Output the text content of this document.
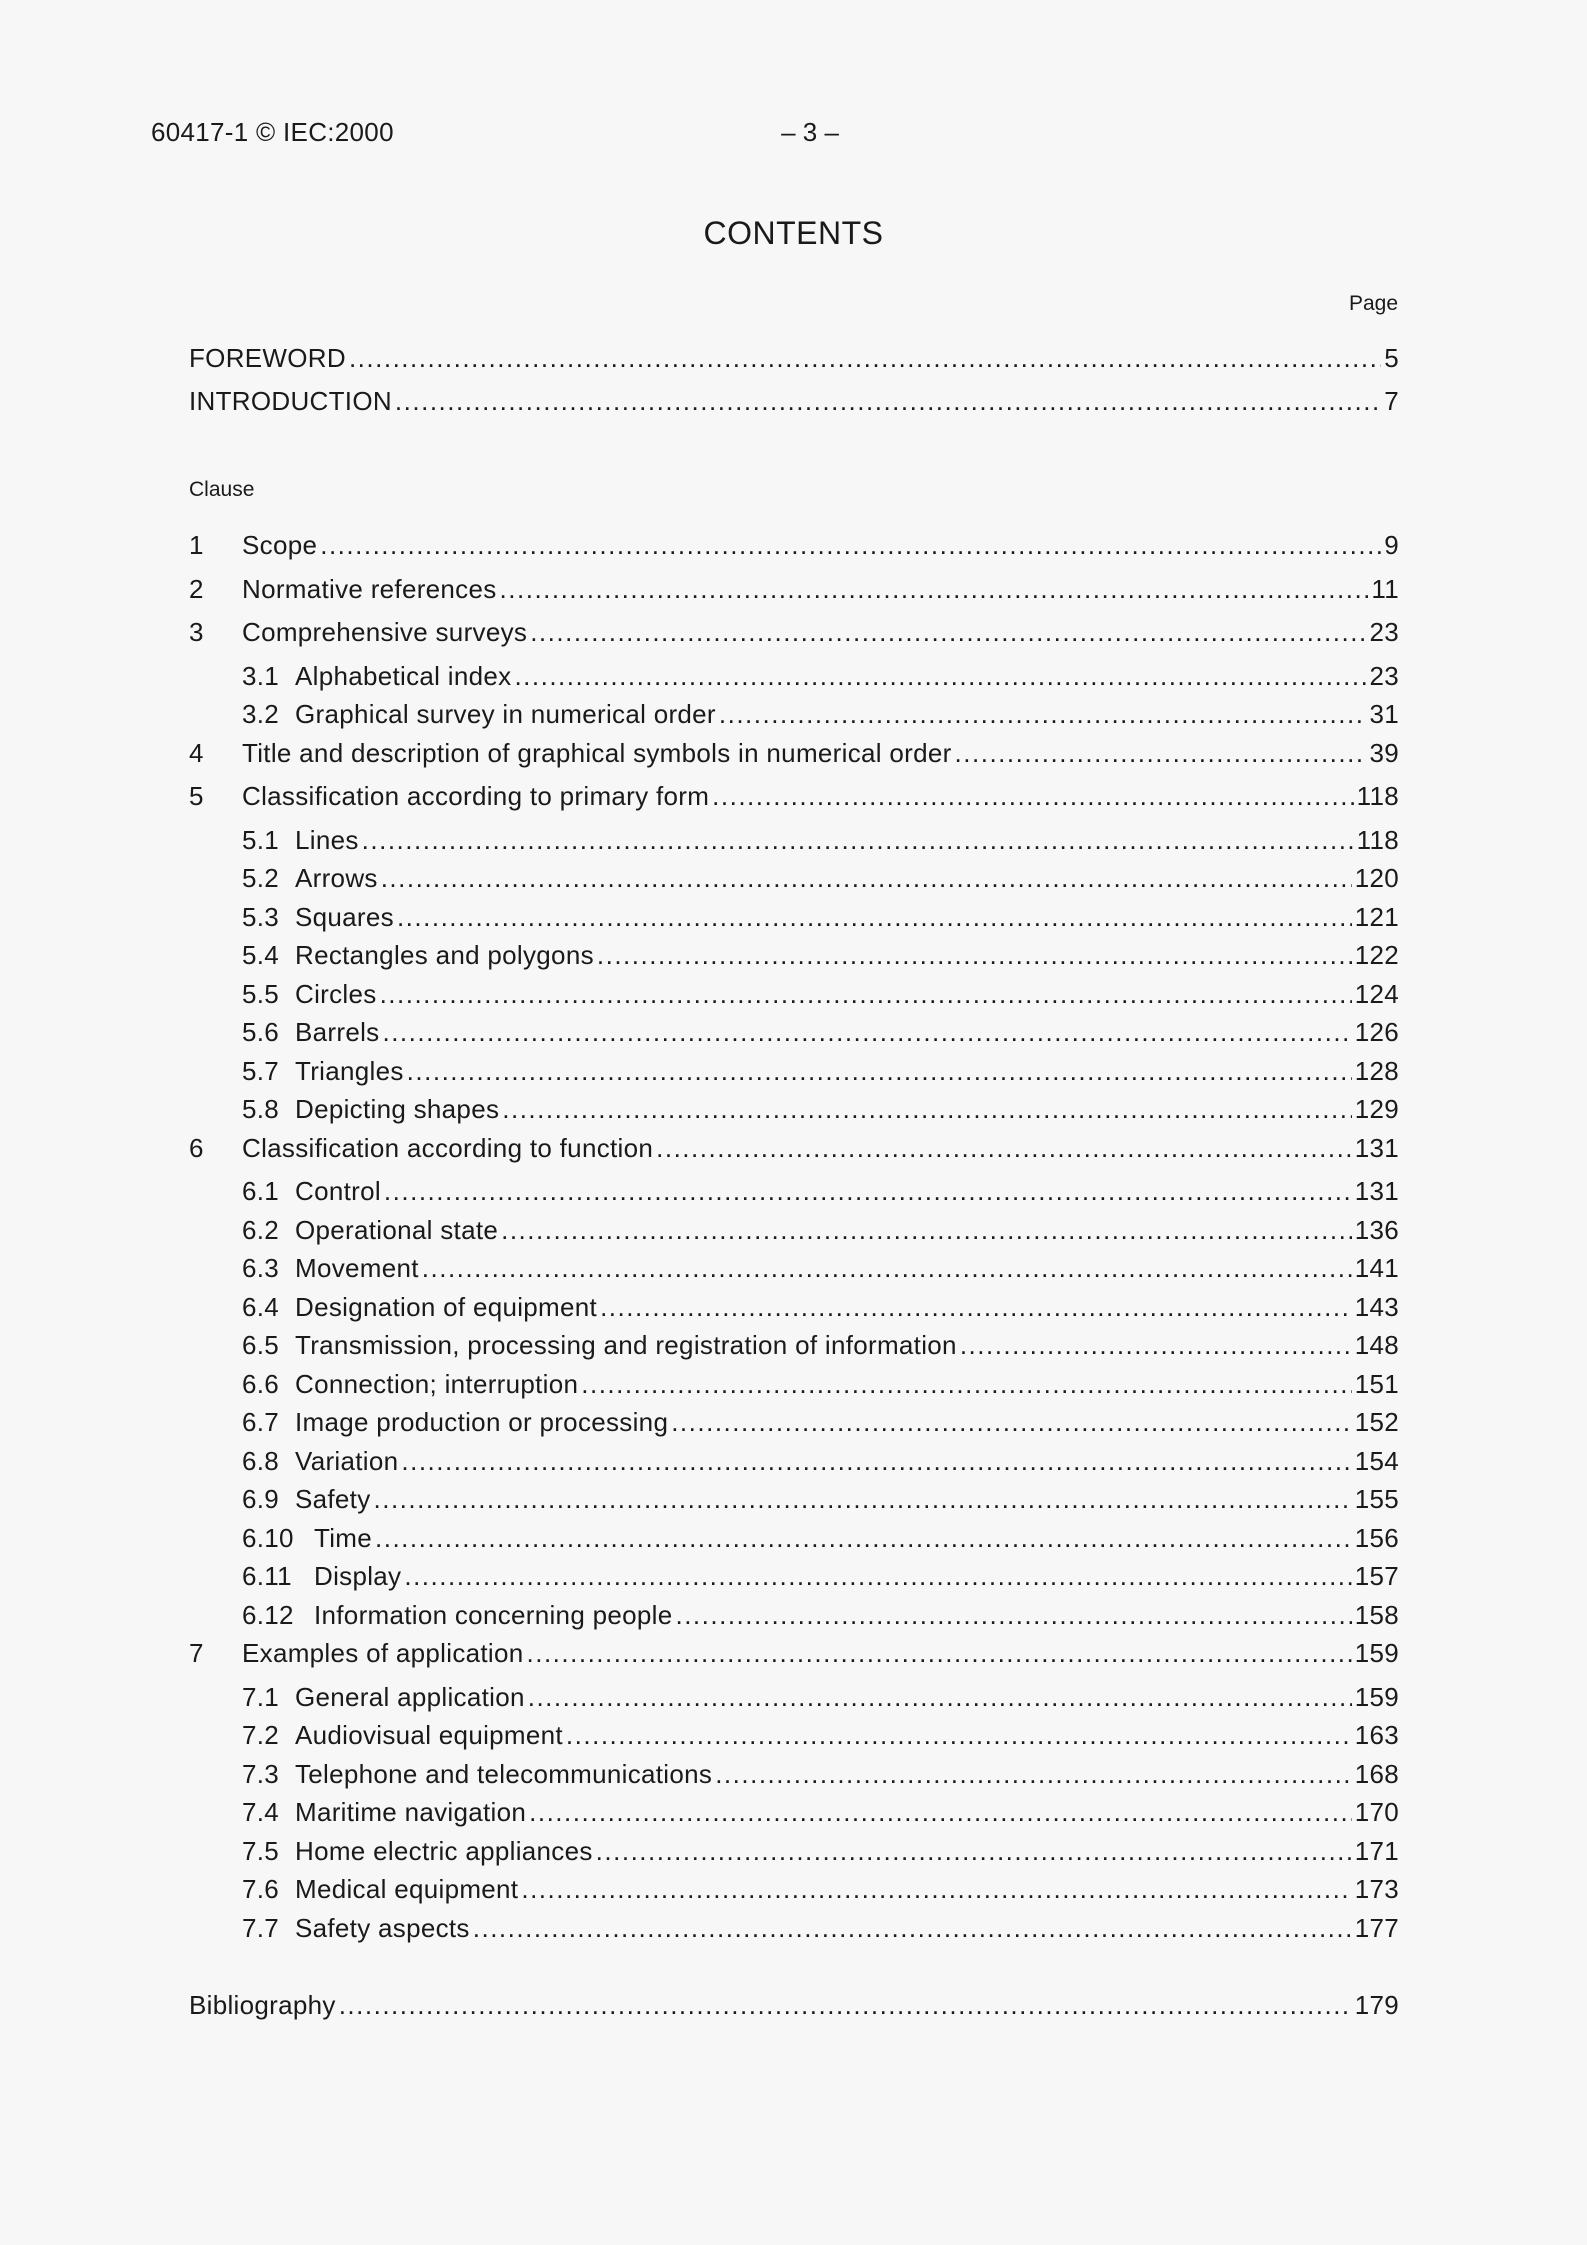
60417-1 © IEC:2000	– 3 –
CONTENTS
Page
FOREWORD .....	5
INTRODUCTION .....	7
Clause
1	Scope .....	9
2	Normative references .....	11
3	Comprehensive surveys .....	23
3.1 Alphabetical index .....	23
3.2 Graphical survey in numerical order .....	31
4	Title and description of graphical symbols in numerical order .....	39
5	Classification according to primary form .....	118
5.1 Lines .....	118
5.2 Arrows .....	120
5.3 Squares .....	121
5.4 Rectangles and polygons .....	122
5.5 Circles .....	124
5.6 Barrels .....	126
5.7 Triangles .....	128
5.8 Depicting shapes .....	129
6	Classification according to function .....	131
6.1 Control .....	131
6.2 Operational state .....	136
6.3 Movement .....	141
6.4 Designation of equipment .....	143
6.5 Transmission, processing and registration of information .....	148
6.6 Connection; interruption .....	151
6.7 Image production or processing .....	152
6.8 Variation .....	154
6.9 Safety .....	155
6.10 Time .....	156
6.11 Display .....	157
6.12 Information concerning people .....	158
7	Examples of application .....	159
7.1 General application .....	159
7.2 Audiovisual equipment .....	163
7.3 Telephone and telecommunications .....	168
7.4 Maritime navigation .....	170
7.5 Home electric appliances .....	171
7.6 Medical equipment .....	173
7.7 Safety aspects .....	177
Bibliography .....	179
